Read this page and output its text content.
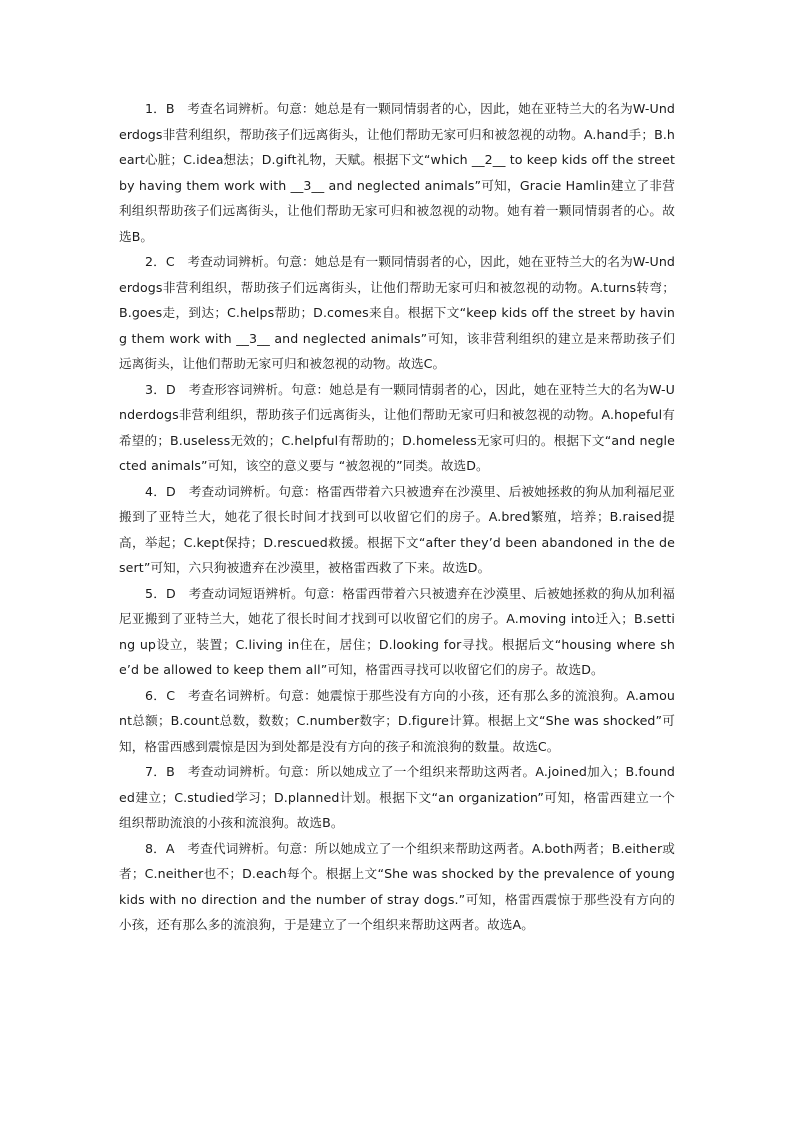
1．B　考查名词辨析。句意：她总是有一颗同情弱者的心，因此，她在亚特兰大的名为W-Underdogs非营利组织，帮助孩子们远离街头，让他们帮助无家可归和被忽视的动物。A.hand手；B.heart心脏；C.idea想法；D.gift礼物，天赋。根据下文“which __2__ to keep kids off the street by having them work with __3__ and neglected animals”可知，Gracie Hamlin建立了非营利组织帮助孩子们远离街头，让他们帮助无家可归和被忽视的动物。她有着一颗同情弱者的心。故选B。

2．C　考查动词辨析。句意：她总是有一颗同情弱者的心，因此，她在亚特兰大的名为W-Underdogs非营利组织，帮助孩子们远离街头，让他们帮助无家可归和被忽视的动物。A.turns转弯；B.goes走，到达；C.helps帮助；D.comes来自。根据下文“keep kids off the street by having them work with __3__ and neglected animals”可知，该非营利组织的建立是来帮助孩子们远离街头，让他们帮助无家可归和被忽视的动物。故选C。

3．D　考查形容词辨析。句意：她总是有一颗同情弱者的心，因此，她在亚特兰大的名为W-Underdogs非营利组织，帮助孩子们远离街头，让他们帮助无家可归和被忽视的动物。A.hopeful有希望的；B.useless无效的；C.helpful有帮助的；D.homeless无家可归的。根据下文“and neglected animals”可知，该空的意义要与 “被忽视的”同类。故选D。

4．D　考查动词辨析。句意：格雷西带着六只被遗弃在沙漠里、后被她拯救的狗从加利福尼亚搬到了亚特兰大，她花了很长时间才找到可以收留它们的房子。A.bred繁殖，培养；B.raised提高，举起；C.kept保持；D.rescued救援。根据下文“after they’d been abandoned in the desert”可知，六只狗被遗弃在沙漠里，被格雷西救了下来。故选D。

5．D　考查动词短语辨析。句意：格雷西带着六只被遗弃在沙漠里、后被她拯救的狗从加利福尼亚搬到了亚特兰大，她花了很长时间才找到可以收留它们的房子。A.moving into迁入；B.setting up设立，装置；C.living in住在，居住；D.looking for寻找。根据后文“housing where she’d be allowed to keep them all”可知，格雷西寻找可以收留它们的房子。故选D。

6．C　考查名词辨析。句意：她震惊于那些没有方向的小孩，还有那么多的流浪狗。A.amount总额；B.count总数，数数；C.number数字；D.figure计算。根据上文“She was shocked”可知，格雷西感到震惊是因为到处都是没有方向的孩子和流浪狗的数量。故选C。

7．B　考查动词辨析。句意：所以她成立了一个组织来帮助这两者。A.joined加入；B.founded建立；C.studied学习；D.planned计划。根据下文“an organization”可知，格雷西建立一个组织帮助流浪的小孩和流浪狗。故选B。

8．A　考查代词辨析。句意：所以她成立了一个组织来帮助这两者。A.both两者；B.either或者；C.neither也不；D.each每个。根据上文“She was shocked by the prevalence of young kids with no direction and the number of stray dogs.”可知，格雷西震惊于那些没有方向的小孩，还有那么多的流浪狗，于是建立了一个组织来帮助这两者。故选A。
